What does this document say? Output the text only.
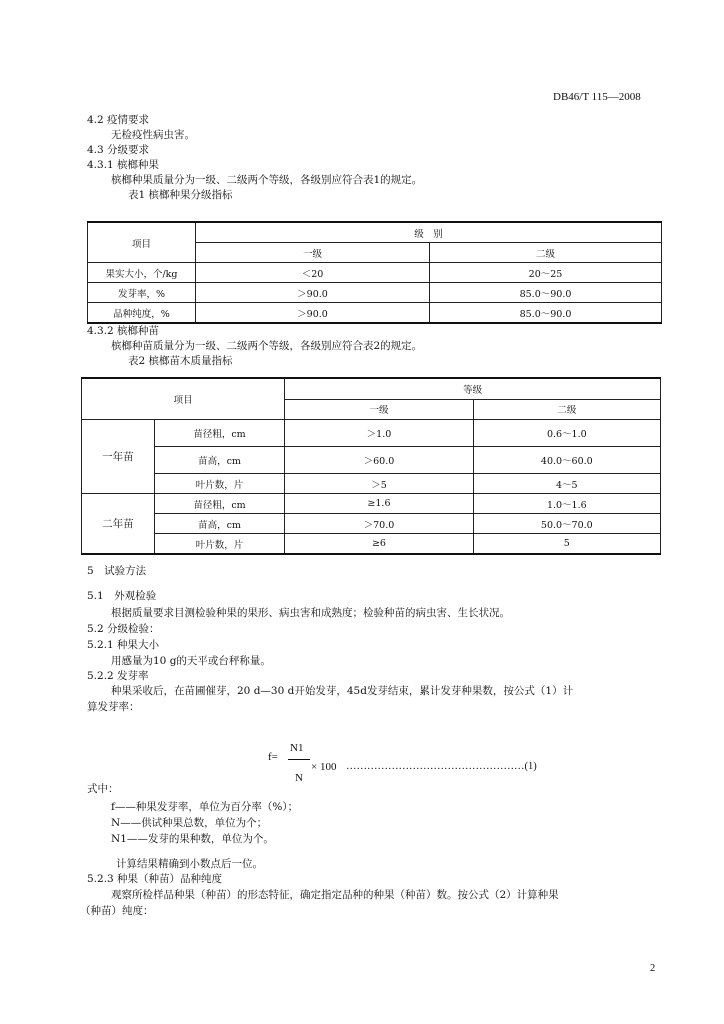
DB46/T 115—2008
4.2 疫情要求
无检疫性病虫害。
4.3 分级要求
4.3.1 槟榔种果
槟榔种果质量分为一级、二级两个等级，各级别应符合表1的规定。
表1 槟榔种果分级指标
项目	级　别	
	一级	二级
果实大小，个/kg	＜20	20～25
发芽率，%	＞90.0	85.0～90.0
品种纯度，%	＞90.0	85.0～90.0
4.3.2 槟榔种苗
槟榔种苗质量分为一级、二级两个等级，各级别应符合表2的规定。
表2 槟榔苗木质量指标
项目		等级	
		一级	二级
一年苗	苗径粗，cm	＞1.0	0.6～1.0
	苗高，cm	＞60.0	40.0～60.0
	叶片数，片	＞5	4～5
二年苗	苗径粗，cm	≥1.6	1.0～1.6
	苗高，cm	＞70.0	50.0～70.0
	叶片数，片	≥6	5
5　试验方法
5.1　外观检验
根据质量要求目测检验种果的果形、病虫害和成熟度；检验种苗的病虫害、生长状况。
5.2 分级检验：
5.2.1 种果大小
用感量为10 g的天平或台秤称量。
5.2.2 发芽率
种果采收后，在苗圃催芽，20 d—30 d开始发芽，45d发芽结束，累计发芽种果数，按公式（1）计
算发芽率：
f=
N1
N
× 100 ……………………………………………(1)
式中：
f——种果发芽率，单位为百分率（%）；
N——供试种果总数，单位为个；
N1——发芽的果种数，单位为个。
计算结果精确到小数点后一位。
5.2.3 种果（种苗）品种纯度
观察所检样品种果（种苗）的形态特征，确定指定品种的种果（种苗）数。按公式（2）计算种果
（种苗）纯度：
2
